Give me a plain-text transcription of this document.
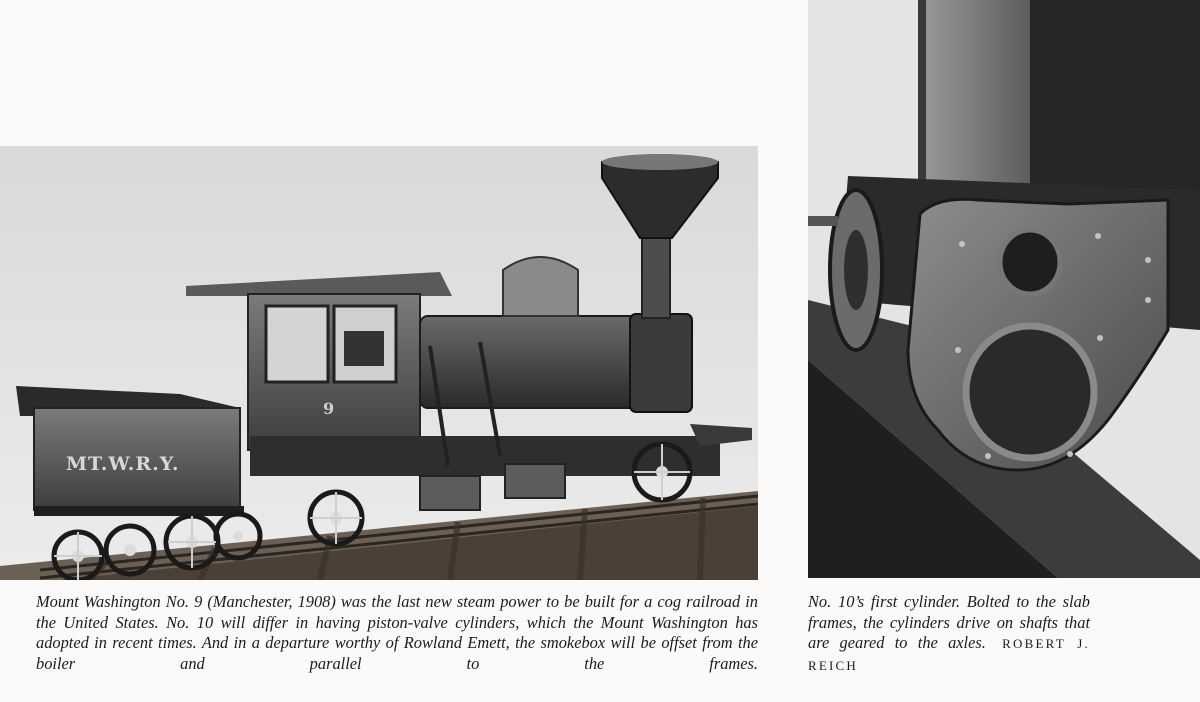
MT.W.R.Y.
9
Mount Washington No. 9 (Manchester, 1908) was the last new steam power to be built for a cog railroad in the United States. No. 10 will differ in having piston-valve cylinders, which the Mount Washington has adopted in recent times. And in a departure worthy of Rowland Emett, the smokebox will be offset from the boiler and parallel to the frames.
No. 10’s first cylinder. Bolted to the slab frames, the cylinders drive on shafts that are geared to the axles. ROBERT J. REICH
